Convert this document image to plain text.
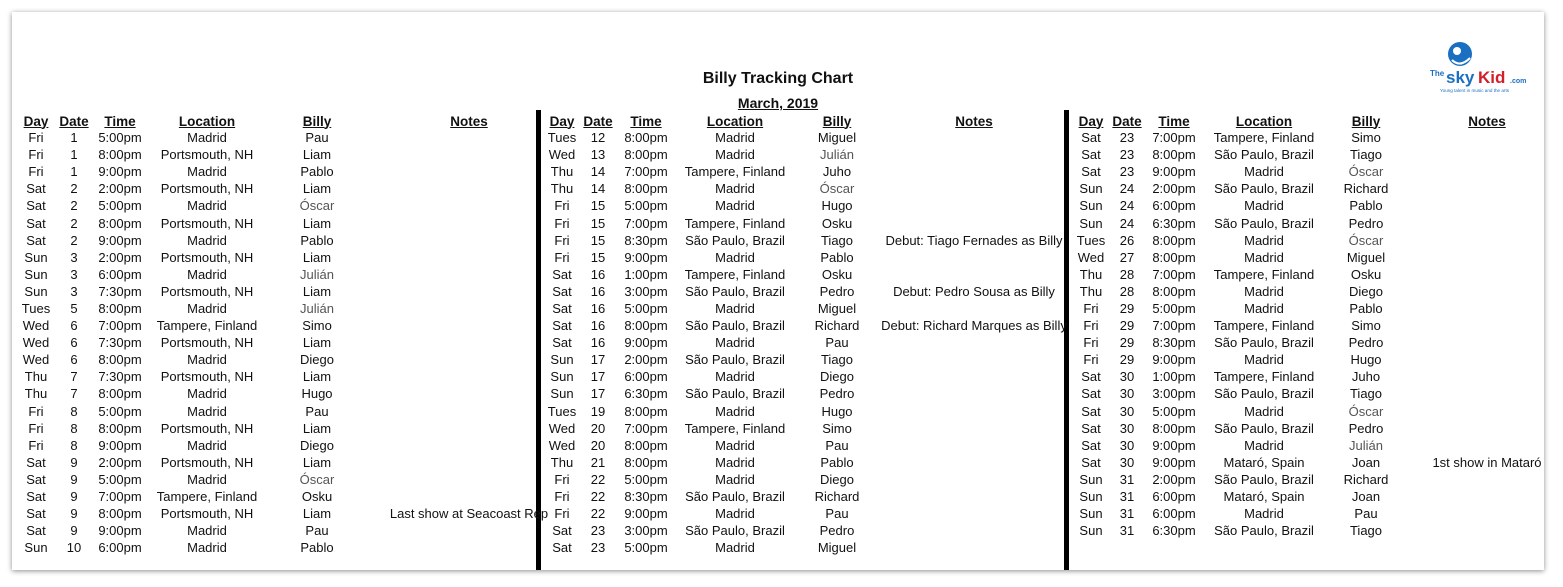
Billy Tracking Chart
March, 2019
The sky Kid .com
Young talent in music and the arts
Day Date	Time	Location	Billy	Notes
Fri	1	5:00pm	Madrid	Pau
Fri	1	8:00pm	Portsmouth, NH	Liam
Fri	1	9:00pm	Madrid	Pablo
Sat	2	2:00pm	Portsmouth, NH	Liam
Sat	2	5:00pm	Madrid	Óscar
Sat	2	8:00pm	Portsmouth, NH	Liam
Sat	2	9:00pm	Madrid	Pablo
Sun	3	2:00pm	Portsmouth, NH	Liam
Sun	3	6:00pm	Madrid	Julián
Sun	3	7:30pm	Portsmouth, NH	Liam
Tues	5	8:00pm	Madrid	Julián
Wed	6	7:00pm	Tampere, Finland	Simo
Wed	6	7:30pm	Portsmouth, NH	Liam
Wed	6	8:00pm	Madrid	Diego
Thu	7	7:30pm	Portsmouth, NH	Liam
Thu	7	8:00pm	Madrid	Hugo
Fri	8	5:00pm	Madrid	Pau
Fri	8	8:00pm	Portsmouth, NH	Liam
Fri	8	9:00pm	Madrid	Diego
Sat	9	2:00pm	Portsmouth, NH	Liam
Sat	9	5:00pm	Madrid	Óscar
Sat	9	7:00pm	Tampere, Finland	Osku
Sat	9	8:00pm	Portsmouth, NH	Liam	Last show at Seacoast Rep
Sat	9	9:00pm	Madrid	Pau
Sun	10	6:00pm	Madrid	Pablo
Day Date	Time	Location	Billy	Notes
Tues	12	8:00pm	Madrid	Miguel
Wed	13	8:00pm	Madrid	Julián
Thu	14	7:00pm	Tampere, Finland	Juho
Thu	14	8:00pm	Madrid	Óscar
Fri	15	5:00pm	Madrid	Hugo
Fri	15	7:00pm	Tampere, Finland	Osku
Fri	15	8:30pm	São Paulo, Brazil	Tiago	Debut: Tiago Fernades as Billy
Fri	15	9:00pm	Madrid	Pablo
Sat	16	1:00pm	Tampere, Finland	Osku
Sat	16	3:00pm	São Paulo, Brazil	Pedro	Debut: Pedro Sousa as Billy
Sat	16	5:00pm	Madrid	Miguel
Sat	16	8:00pm	São Paulo, Brazil	Richard	Debut: Richard Marques as Billy
Sat	16	9:00pm	Madrid	Pau
Sun	17	2:00pm	São Paulo, Brazil	Tiago
Sun	17	6:00pm	Madrid	Diego
Sun	17	6:30pm	São Paulo, Brazil	Pedro
Tues	19	8:00pm	Madrid	Hugo
Wed	20	7:00pm	Tampere, Finland	Simo
Wed	20	8:00pm	Madrid	Pau
Thu	21	8:00pm	Madrid	Pablo
Fri	22	5:00pm	Madrid	Diego
Fri	22	8:30pm	São Paulo, Brazil	Richard
Fri	22	9:00pm	Madrid	Pau
Sat	23	3:00pm	São Paulo, Brazil	Pedro
Sat	23	5:00pm	Madrid	Miguel
Day Date	Time	Location	Billy	Notes
Sat	23	7:00pm	Tampere, Finland	Simo
Sat	23	8:00pm	São Paulo, Brazil	Tiago
Sat	23	9:00pm	Madrid	Óscar
Sun	24	2:00pm	São Paulo, Brazil	Richard
Sun	24	6:00pm	Madrid	Pablo
Sun	24	6:30pm	São Paulo, Brazil	Pedro
Tues	26	8:00pm	Madrid	Óscar
Wed	27	8:00pm	Madrid	Miguel
Thu	28	7:00pm	Tampere, Finland	Osku
Thu	28	8:00pm	Madrid	Diego
Fri	29	5:00pm	Madrid	Pablo
Fri	29	7:00pm	Tampere, Finland	Simo
Fri	29	8:30pm	São Paulo, Brazil	Pedro
Fri	29	9:00pm	Madrid	Hugo
Sat	30	1:00pm	Tampere, Finland	Juho
Sat	30	3:00pm	São Paulo, Brazil	Tiago
Sat	30	5:00pm	Madrid	Óscar
Sat	30	8:00pm	São Paulo, Brazil	Pedro
Sat	30	9:00pm	Madrid	Julián
Sat	30	9:00pm	Mataró, Spain	Joan	1st show in Mataró
Sun	31	2:00pm	São Paulo, Brazil	Richard
Sun	31	6:00pm	Mataró, Spain	Joan
Sun	31	6:00pm	Madrid	Pau
Sun	31	6:30pm	São Paulo, Brazil	Tiago
